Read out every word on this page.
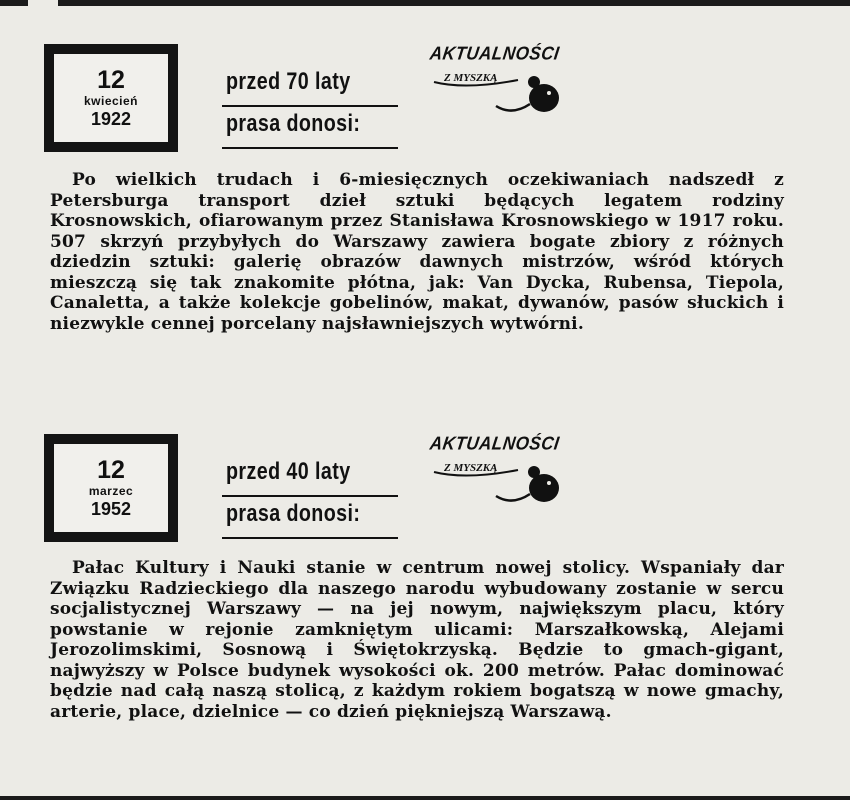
12
kwiecień
1922
przed 70 laty
prasa donosi:
AKTUALNOŚCI
Z MYSZKĄ

Po wielkich trudach i 6-miesięcznych oczekiwaniach nadszedł z Petersburga transport dzieł sztuki będących legatem rodziny Krosnowskich, ofiarowanym przez Stanisława Krosnowskiego w 1917 roku. 507 skrzyń przybyłych do Warszawy zawiera bogate zbiory z różnych dziedzin sztuki: galerię obrazów dawnych mistrzów, wśród których mieszczą się tak znakomite płótna, jak: Van Dycka, Rubensa, Tiepola, Canaletta, a także kolekcje gobelinów, makat, dywanów, pasów słuckich i niezwykle cennej porcelany najsławniejszych wytwórni.

12
marzec
1952
przed 40 laty
prasa donosi:
AKTUALNOŚCI
Z MYSZKĄ

Pałac Kultury i Nauki stanie w centrum nowej stolicy. Wspaniały dar Związku Radzieckiego dla naszego narodu wybudowany zostanie w sercu socjalistycznej Warszawy — na jej nowym, największym placu, który powstanie w rejonie zamkniętym ulicami: Marszałkowską, Alejami Jerozolimskimi, Sosnową i Świętokrzyską. Będzie to gmach-gigant, najwyższy w Polsce budynek wysokości ok. 200 metrów. Pałac dominować będzie nad całą naszą stolicą, z każdym rokiem bogatszą w nowe gmachy, arterie, place, dzielnice — co dzień piękniejszą Warszawą.
